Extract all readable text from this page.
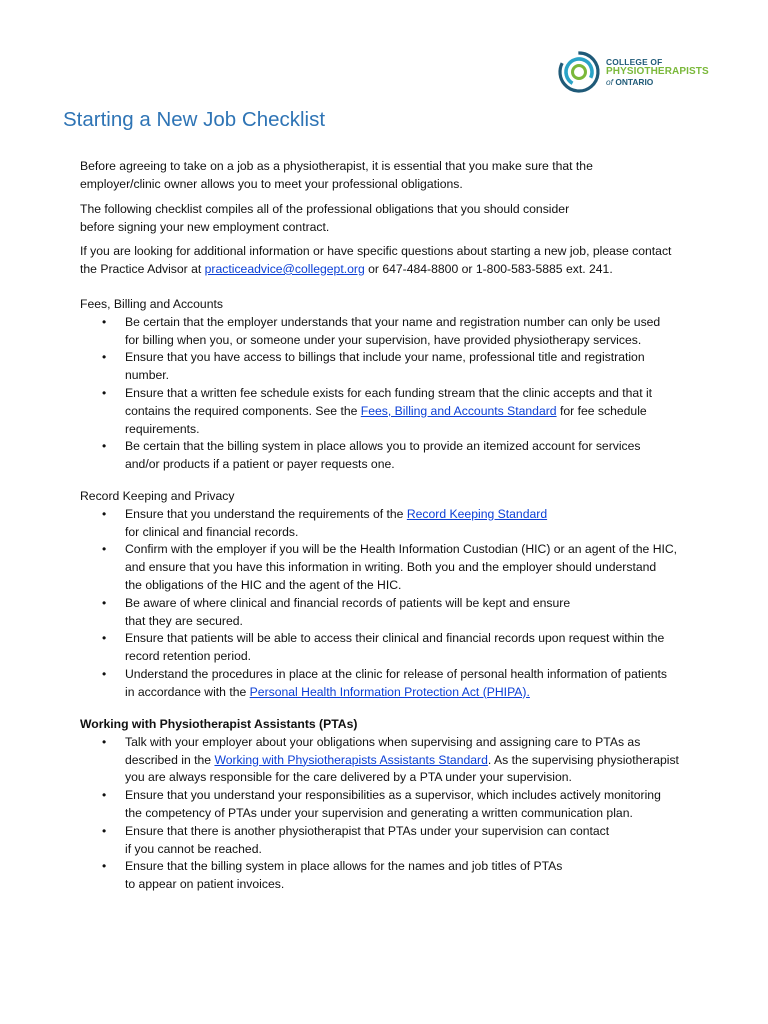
COLLEGE OF
PHYSIOTHERAPISTS
of ONTARIO
Starting a New Job Checklist

Before agreeing to take on a job as a physiotherapist, it is essential that you make sure that the
employer/clinic owner allows you to meet your professional obligations.

The following checklist compiles all of the professional obligations that you should consider
before signing your new employment contract.

If you are looking for additional information or have specific questions about starting a new job, please contact
the Practice Advisor at practiceadvice@collegept.org or 647-484-8800 or 1-800-583-5885 ext. 241.

Fees, Billing and Accounts

• Be certain that the employer understands that your name and registration number can only be used
for billing when you, or someone under your supervision, have provided physiotherapy services.
• Ensure that you have access to billings that include your name, professional title and registration
number.
• Ensure that a written fee schedule exists for each funding stream that the clinic accepts and that it
contains the required components. See the Fees, Billing and Accounts Standard for fee schedule
requirements.
• Be certain that the billing system in place allows you to provide an itemized account for services
and/or products if a patient or payer requests one.

Record Keeping and Privacy

• Ensure that you understand the requirements of the Record Keeping Standard
for clinical and financial records.
• Confirm with the employer if you will be the Health Information Custodian (HIC) or an agent of the HIC,
and ensure that you have this information in writing. Both you and the employer should understand
the obligations of the HIC and the agent of the HIC.
• Be aware of where clinical and financial records of patients will be kept and ensure
that they are secured.
• Ensure that patients will be able to access their clinical and financial records upon request within the
record retention period.
• Understand the procedures in place at the clinic for release of personal health information of patients
in accordance with the Personal Health Information Protection Act (PHIPA).

Working with Physiotherapist Assistants (PTAs)

• Talk with your employer about your obligations when supervising and assigning care to PTAs as
described in the Working with Physiotherapists Assistants Standard. As the supervising physiotherapist
you are always responsible for the care delivered by a PTA under your supervision.
• Ensure that you understand your responsibilities as a supervisor, which includes actively monitoring
the competency of PTAs under your supervision and generating a written communication plan.
• Ensure that there is another physiotherapist that PTAs under your supervision can contact
if you cannot be reached.
• Ensure that the billing system in place allows for the names and job titles of PTAs
to appear on patient invoices.
